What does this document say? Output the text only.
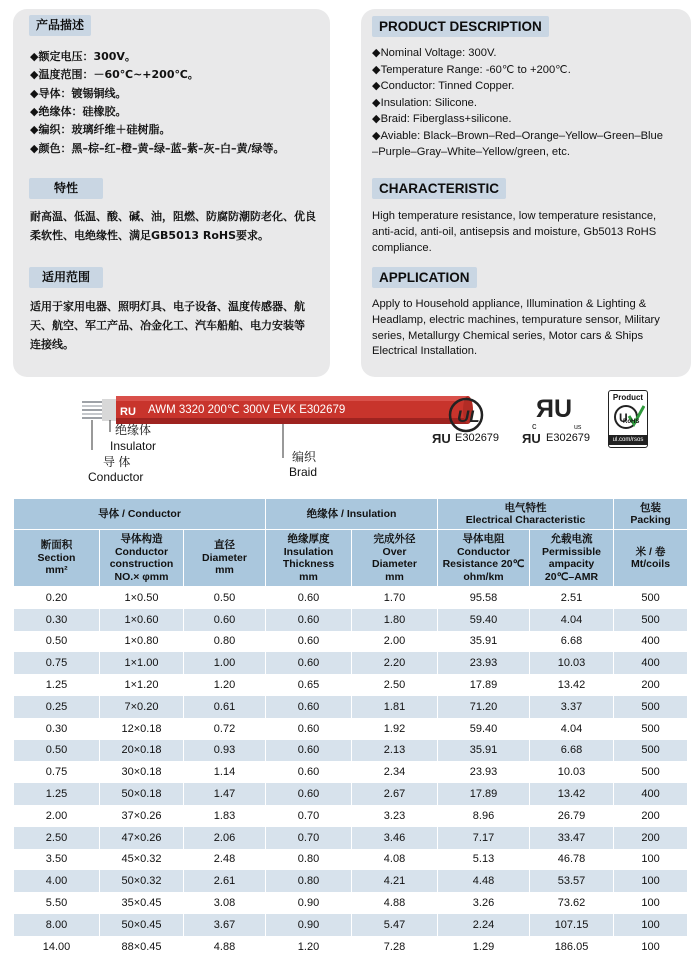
产品描述
◆额定电压：300V。
◆温度范围：－60℃~+200℃。
◆导体：镀锡铜线。
◆绝缘体：硅橡胶。
◆编织：玻璃纤维＋硅树脂。
◆颜色：黑–棕–红–橙–黄–绿–蓝–紫–灰–白–黄/绿等。
特性
耐高温、低温、酸、碱、油，阻燃、防腐防潮防老化、优良柔软性、电绝缘性、满足GB5013 RoHS要求。
适用范围
适用于家用电器、照明灯具、电子设备、温度传感器、航天、航空、军工产品、冶金化工、汽车船舶、电力安装等连接线。
PRODUCT DESCRIPTION
◆Nominal Voltage: 300V.
◆Temperature Range: -60℃ to +200℃.
◆Conductor: Tinned Copper.
◆Insulation: Silicone.
◆Braid: Fiberglass+silicone.
◆Aviable: Black–Brown–Red–Orange–Yellow–Green–Blue
–Purple–Gray–White–Yellow/green, etc.
CHARACTERISTIC
High temperature resistance, low temperature resistance, anti-acid, anti-oil, antisepsis and moisture, Gb5013 RoHS compliance.
APPLICATION
Apply to Household appliance, Illumination & Lighting & Headlamp, electric machines, tempurature sensor, Military series, Metallurgy Chemical series, Motor cars & Ships Electrical Installation.
RU AWM 3320 200℃ 300V EVK E302679
绝缘体
Insulator
导 体
Conductor
编织
Braid
UL
ЯU E302679
ЯU
c	us
ЯU E302679
Product
U
RoHS
ul.com/rsos
导体 / Conductor			绝缘体 / Insulation		电气特性
Electrical Characteristic		包装
Packing
断面积
Section
mm²	导体构造
Conductor
construction
NO.× φmm	直径
Diameter
mm	绝缘厚度
Insulation
Thickness
mm	完成外径
Over
Diameter
mm	导体电阻
Conductor
Resistance 20℃
ohm/km	允载电流
Permissible
ampacity
20℃–AMR	米 / 卷
Mt/coils
0.20	1×0.50	0.50	0.60	1.70	95.58	2.51	500
0.30	1×0.60	0.60	0.60	1.80	59.40	4.04	500
0.50	1×0.80	0.80	0.60	2.00	35.91	6.68	400
0.75	1×1.00	1.00	0.60	2.20	23.93	10.03	400
1.25	1×1.20	1.20	0.65	2.50	17.89	13.42	200
0.25	7×0.20	0.61	0.60	1.81	71.20	3.37	500
0.30	12×0.18	0.72	0.60	1.92	59.40	4.04	500
0.50	20×0.18	0.93	0.60	2.13	35.91	6.68	500
0.75	30×0.18	1.14	0.60	2.34	23.93	10.03	500
1.25	50×0.18	1.47	0.60	2.67	17.89	13.42	400
2.00	37×0.26	1.83	0.70	3.23	8.96	26.79	200
2.50	47×0.26	2.06	0.70	3.46	7.17	33.47	200
3.50	45×0.32	2.48	0.80	4.08	5.13	46.78	100
4.00	50×0.32	2.61	0.80	4.21	4.48	53.57	100
5.50	35×0.45	3.08	0.90	4.88	3.26	73.62	100
8.00	50×0.45	3.67	0.90	5.47	2.24	107.15	100
14.00	88×0.45	4.88	1.20	7.28	1.29	186.05	100
